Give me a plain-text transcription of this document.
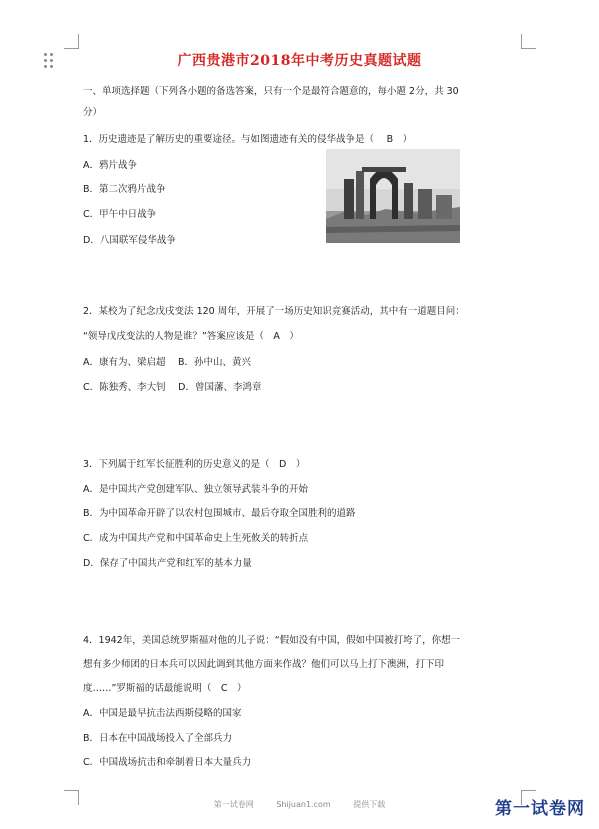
广西贵港市2018年中考历史真题试题
一、单项选择题（下列各小题的备选答案，只有一个是最符合题意的，每小题 2分，共 30
分）
1．历史遗迹是了解历史的重要途径。与如图遗迹有关的侵华战争是（　 B　）
A．鸦片战争
B．第二次鸦片战争
C．甲午中日战争
D．八国联军侵华战争
2．某校为了纪念戊戌变法 120 周年，开展了一场历史知识竞赛活动，其中有一道题目问：
“领导戊戌变法的人物是谁？”答案应该是（　A　）
A．康有为、梁启超　 B．孙中山、黄兴
C．陈独秀、李大钊　 D．曾国藩、李鸿章
3．下列属于红军长征胜利的历史意义的是（　D　）
A．是中国共产党创建军队、独立领导武装斗争的开始
B．为中国革命开辟了以农村包围城市、最后夺取全国胜利的道路
C．成为中国共产党和中国革命史上生死攸关的转折点
D．保存了中国共产党和红军的基本力量
4．1942年，美国总统罗斯福对他的儿子说：“假如没有中国，假如中国被打垮了，你想一
想有多少师团的日本兵可以因此调到其他方面来作战？他们可以马上打下澳洲，打下印
度……”罗斯福的话最能说明（　C　）
A．中国是最早抗击法西斯侵略的国家
B．日本在中国战场投入了全部兵力
C．中国战场抗击和牵制着日本大量兵力
第一试卷网	Shijuan1.com	提供下载	第一试卷网
